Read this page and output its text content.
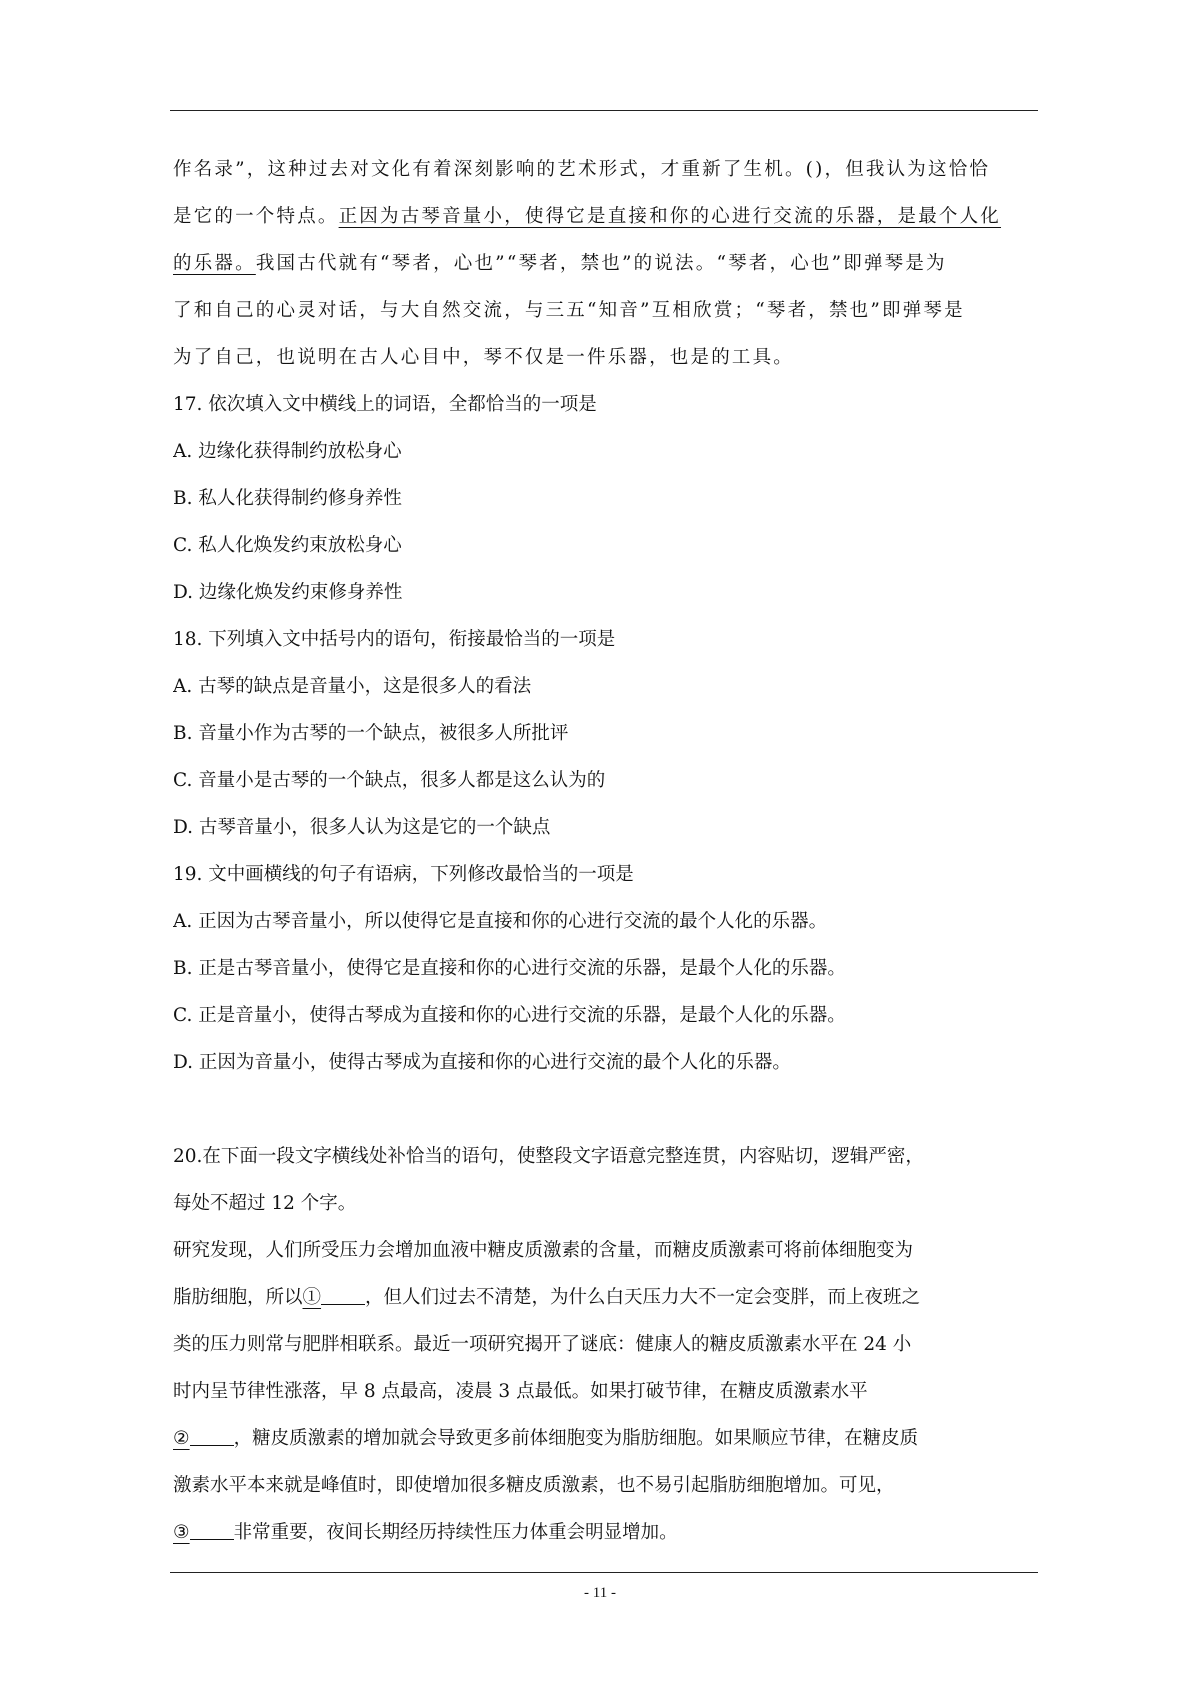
作名录”，这种过去对文化有着深刻影响的艺术形式，才重新了生机。()，但我认为这恰恰
是它的一个特点。正因为古琴音量小，使得它是直接和你的心进行交流的乐器，是最个人化
的乐器。我国古代就有“琴者，心也”“琴者，禁也”的说法。“琴者，心也”即弹琴是为
了和自己的心灵对话，与大自然交流，与三五“知音”互相欣赏；“琴者，禁也”即弹琴是
为了自己，也说明在古人心目中，琴不仅是一件乐器，也是的工具。
17. 依次填入文中横线上的词语，全都恰当的一项是
A. 边缘化获得制约放松身心
B. 私人化获得制约修身养性
C. 私人化焕发约束放松身心
D. 边缘化焕发约束修身养性
18. 下列填入文中括号内的语句，衔接最恰当的一项是
A. 古琴的缺点是音量小，这是很多人的看法
B. 音量小作为古琴的一个缺点，被很多人所批评
C. 音量小是古琴的一个缺点，很多人都是这么认为的
D. 古琴音量小，很多人认为这是它的一个缺点
19. 文中画横线的句子有语病，下列修改最恰当的一项是
A. 正因为古琴音量小，所以使得它是直接和你的心进行交流的最个人化的乐器。
B. 正是古琴音量小，使得它是直接和你的心进行交流的乐器，是最个人化的乐器。
C. 正是音量小，使得古琴成为直接和你的心进行交流的乐器，是最个人化的乐器。
D. 正因为音量小，使得古琴成为直接和你的心进行交流的最个人化的乐器。
20.在下面一段文字横线处补恰当的语句，使整段文字语意完整连贯，内容贴切，逻辑严密，
每处不超过 12 个字。
研究发现，人们所受压力会增加血液中糖皮质激素的含量，而糖皮质激素可将前体细胞变为
脂肪细胞，所以① ，但人们过去不清楚，为什么白天压力大不一定会变胖，而上夜班之
类的压力则常与肥胖相联系。最近一项研究揭开了谜底：健康人的糖皮质激素水平在 24 小
时内呈节律性涨落，早 8 点最高，凌晨 3 点最低。如果打破节律，在糖皮质激素水平
② ，糖皮质激素的增加就会导致更多前体细胞变为脂肪细胞。如果顺应节律，在糖皮质
激素水平本来就是峰值时，即使增加很多糖皮质激素，也不易引起脂肪细胞增加。可见，
③ 非常重要，夜间长期经历持续性压力体重会明显增加。
- 11 -
